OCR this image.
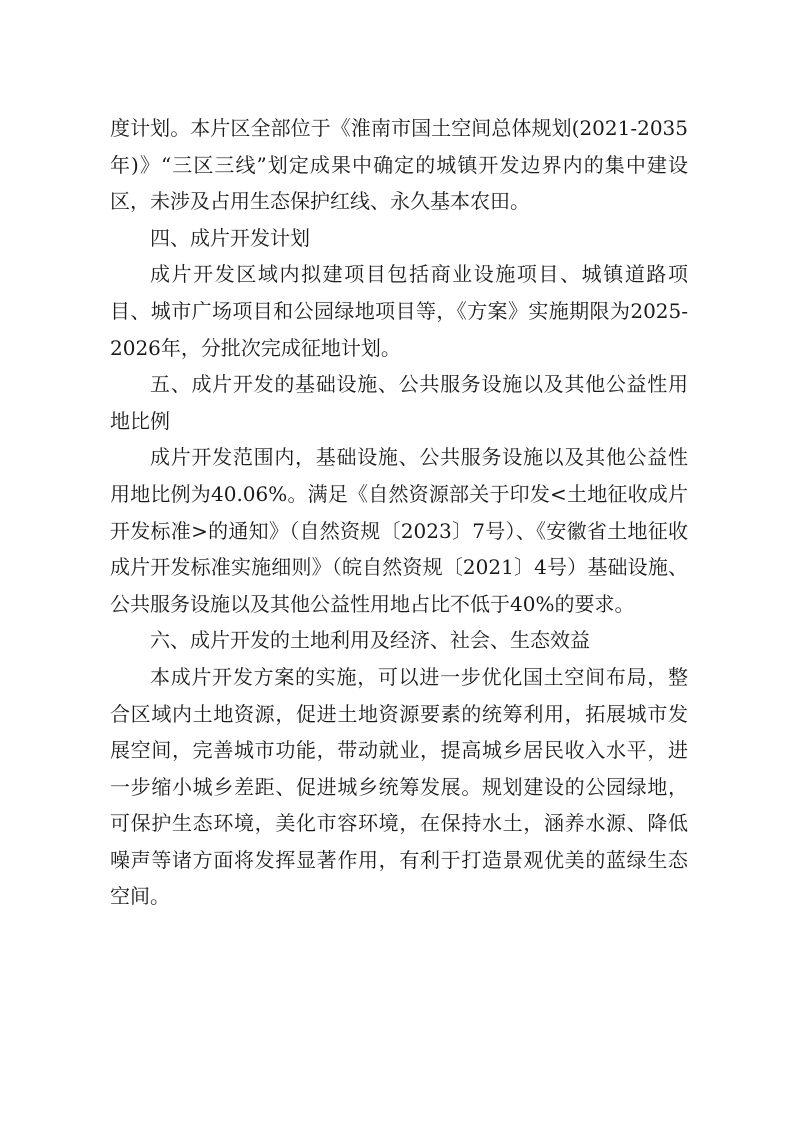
度计划。本片区全部位于《淮南市国土空间总体规划(2021-2035年)》“三区三线”划定成果中确定的城镇开发边界内的集中建设区，未涉及占用生态保护红线、永久基本农田。

四、成片开发计划

成片开发区域内拟建项目包括商业设施项目、城镇道路项目、城市广场项目和公园绿地项目等，《方案》实施期限为2025-2026年，分批次完成征地计划。

五、成片开发的基础设施、公共服务设施以及其他公益性用地比例

成片开发范围内，基础设施、公共服务设施以及其他公益性用地比例为40.06%。满足《自然资源部关于印发<土地征收成片开发标准>的通知》（自然资规〔2023〕7号）、《安徽省土地征收成片开发标准实施细则》（皖自然资规〔2021〕4号）基础设施、公共服务设施以及其他公益性用地占比不低于40%的要求。

六、成片开发的土地利用及经济、社会、生态效益

本成片开发方案的实施，可以进一步优化国土空间布局，整合区域内土地资源，促进土地资源要素的统筹利用，拓展城市发展空间，完善城市功能，带动就业，提高城乡居民收入水平，进一步缩小城乡差距、促进城乡统筹发展。规划建设的公园绿地，可保护生态环境，美化市容环境，在保持水土，涵养水源、降低噪声等诸方面将发挥显著作用，有利于打造景观优美的蓝绿生态空间。
